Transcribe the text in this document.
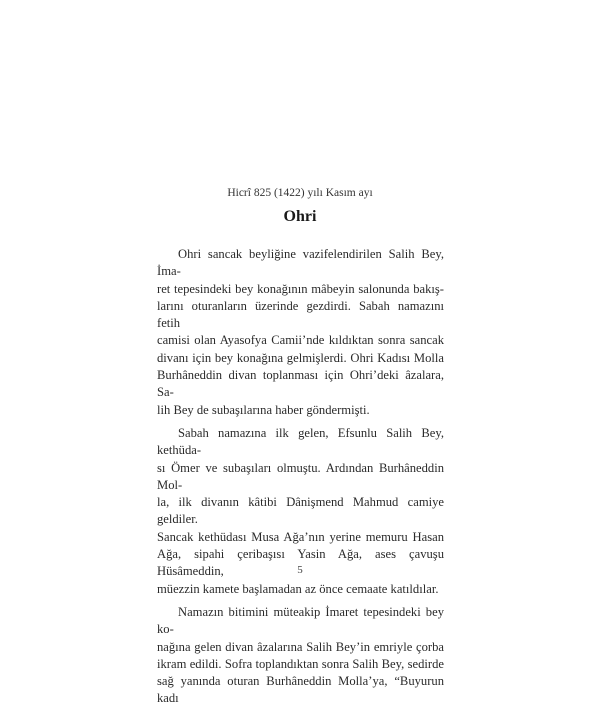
Hicrî 825 (1422) yılı Kasım ayı
Ohri

Ohri sancak beyliğine vazifelendirilen Salih Bey, İma-
ret tepesindeki bey konağının mâbeyin salonunda bakış-
larını oturanların üzerinde gezdirdi. Sabah namazını fetih
camisi olan Ayasofya Camii’nde kıldıktan sonra sancak
divanı için bey konağına gelmişlerdi. Ohri Kadısı Molla
Burhâneddin divan toplanması için Ohri’deki âzalara, Sa-
lih Bey de subaşılarına haber göndermişti.

Sabah namazına ilk gelen, Efsunlu Salih Bey, kethüda-
sı Ömer ve subaşıları olmuştu. Ardından Burhâneddin Mol-
la, ilk divanın kâtibi Dânişmend Mahmud camiye geldiler.
Sancak kethüdası Musa Ağa’nın yerine memuru Hasan
Ağa, sipahi çeribaşısı Yasin Ağa, ases çavuşu Hüsâmeddin,
müezzin kamete başlamadan az önce cemaate katıldılar.

Namazın bitimini müteakip İmaret tepesindeki bey ko-
nağına gelen divan âzalarına Salih Bey’in emriyle çorba
ikram edildi. Sofra toplandıktan sonra Salih Bey, sedirde
sağ yanında oturan Burhâneddin Molla’ya, “Buyurun kadı

5
